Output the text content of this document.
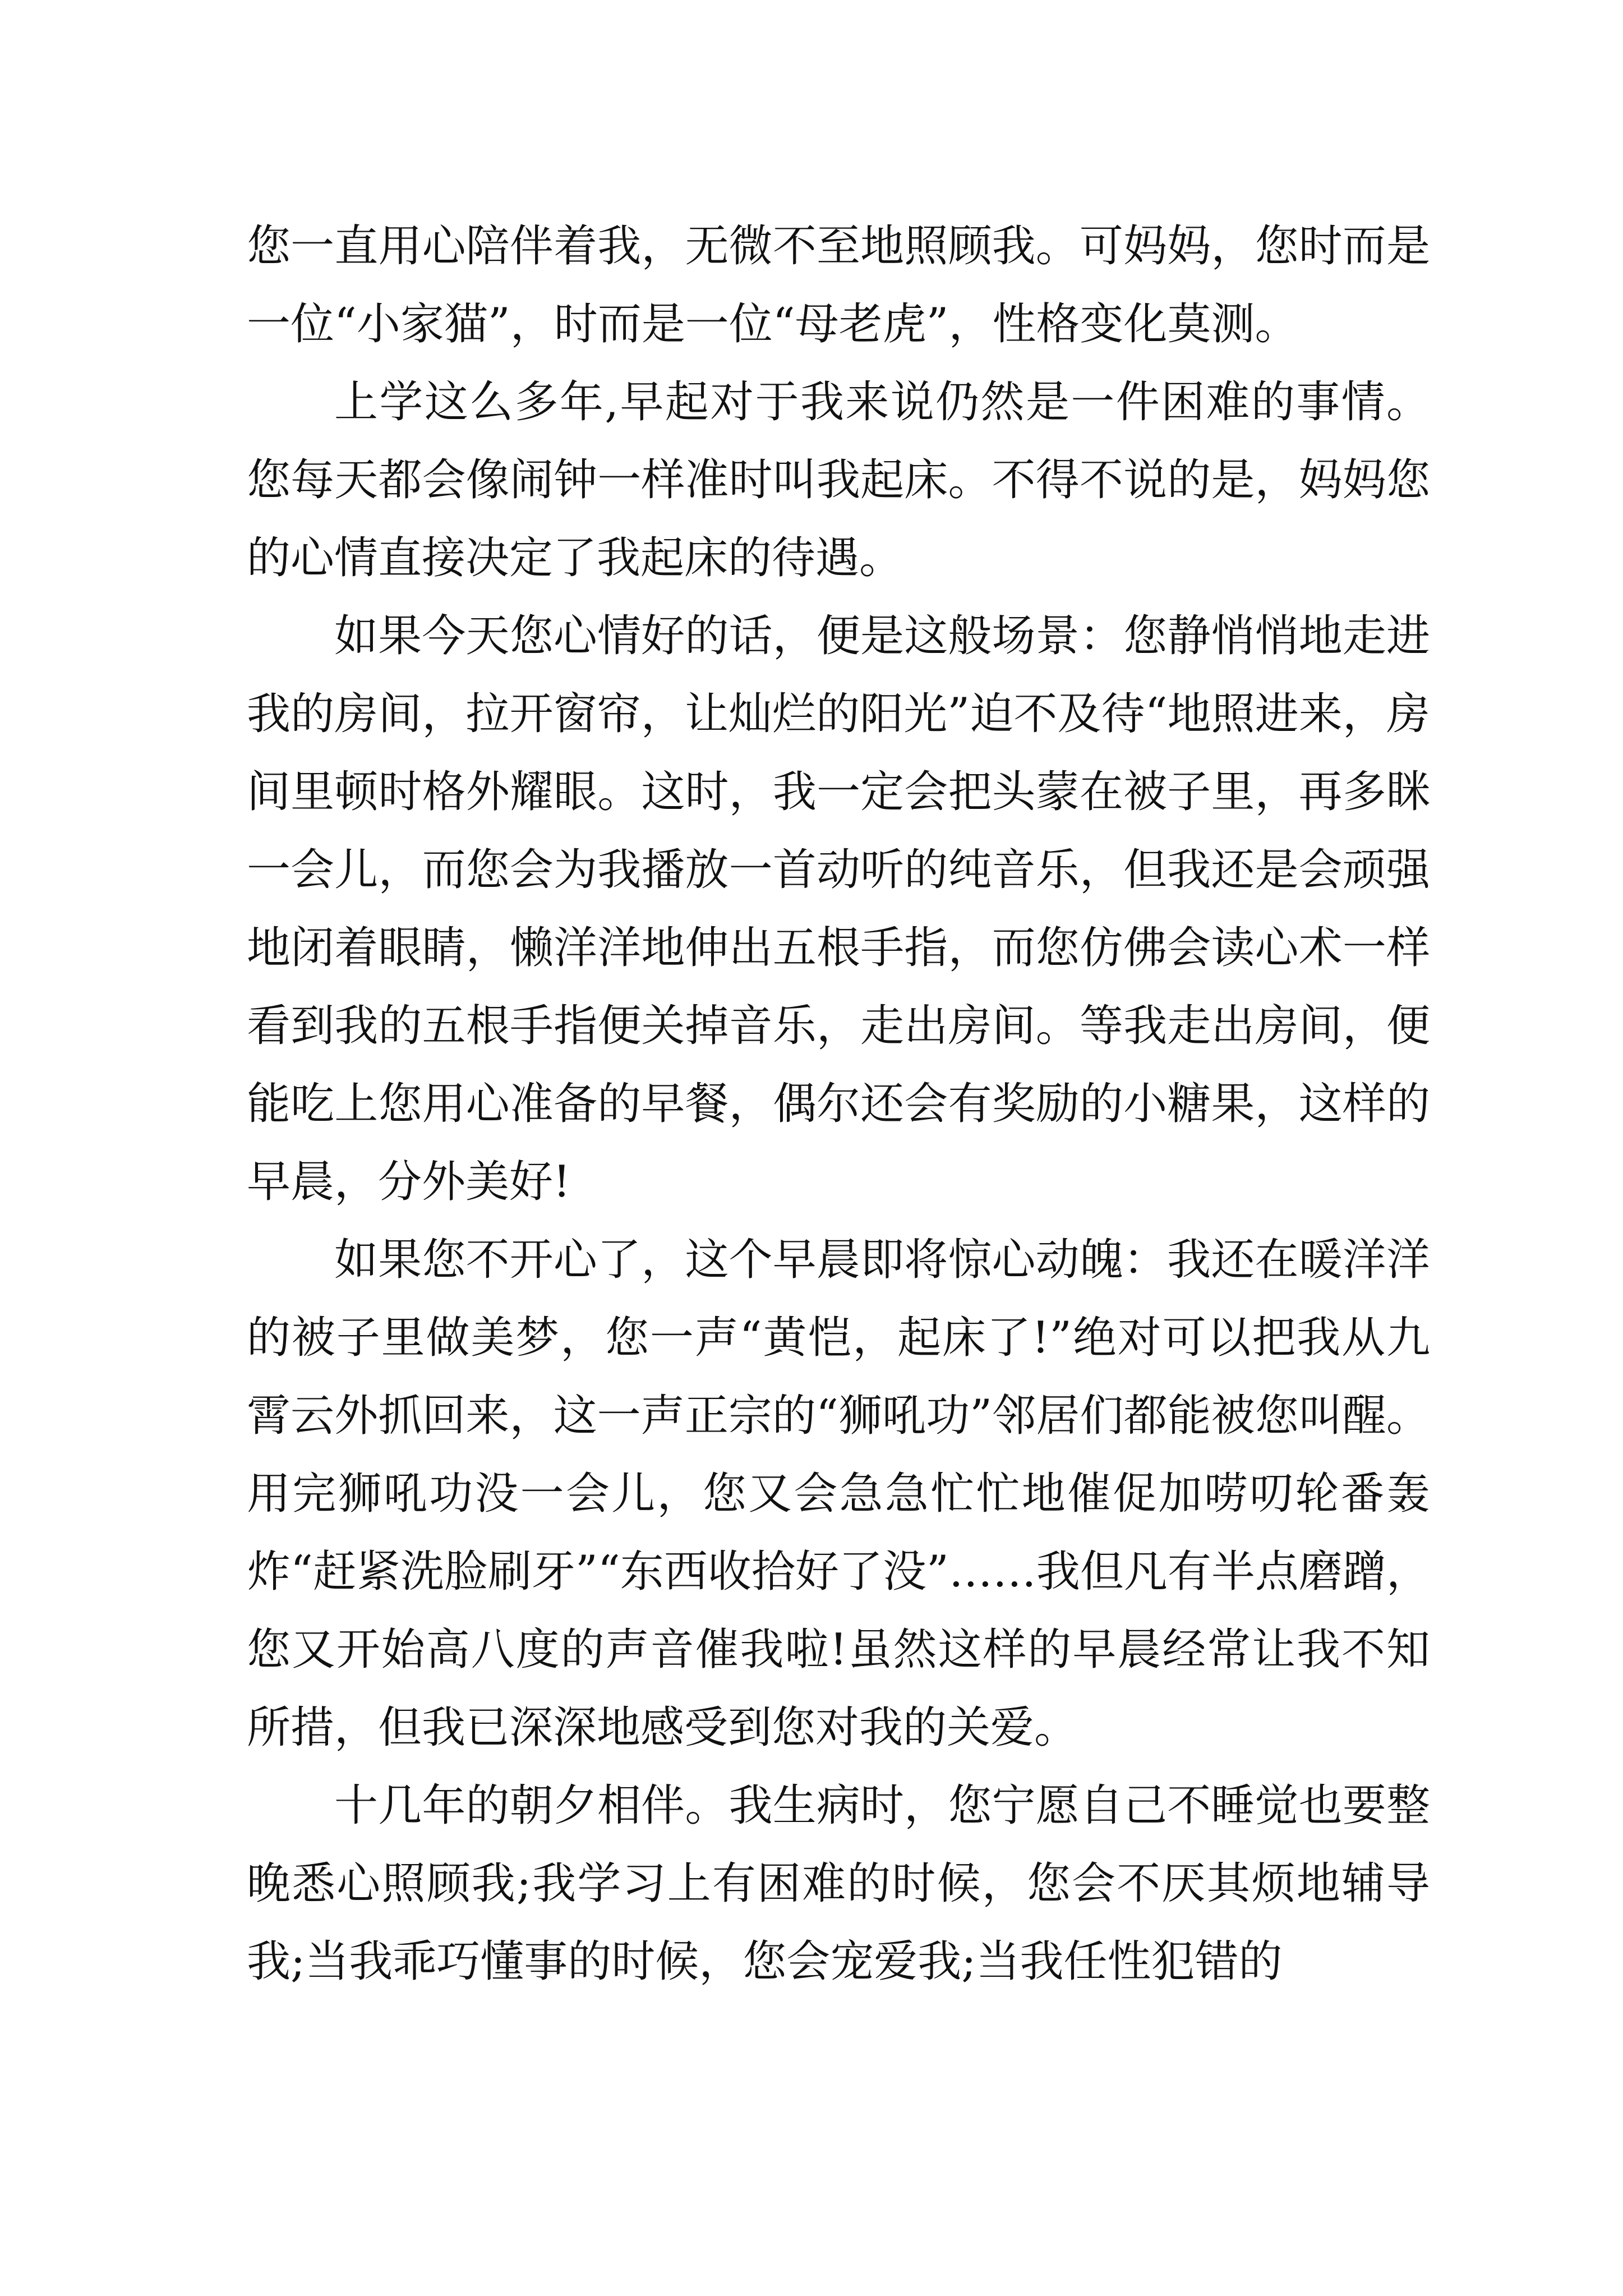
您一直用心陪伴着我，无微不至地照顾我。可妈妈，您时而是一位“小家猫”，时而是一位“母老虎”，性格变化莫测。

上学这么多年,早起对于我来说仍然是一件困难的事情。您每天都会像闹钟一样准时叫我起床。不得不说的是，妈妈您的心情直接决定了我起床的待遇。

如果今天您心情好的话，便是这般场景：您静悄悄地走进我的房间，拉开窗帘，让灿烂的阳光”迫不及待“地照进来，房间里顿时格外耀眼。这时，我一定会把头蒙在被子里，再多眯一会儿，而您会为我播放一首动听的纯音乐，但我还是会顽强地闭着眼睛，懒洋洋地伸出五根手指，而您仿佛会读心术一样看到我的五根手指便关掉音乐，走出房间。等我走出房间，便能吃上您用心准备的早餐，偶尔还会有奖励的小糖果，这样的早晨，分外美好!

如果您不开心了，这个早晨即将惊心动魄：我还在暖洋洋的被子里做美梦，您一声“黄恺，起床了!”绝对可以把我从九霄云外抓回来，这一声正宗的“狮吼功”邻居们都能被您叫醒。用完狮吼功没一会儿，您又会急急忙忙地催促加唠叨轮番轰炸“赶紧洗脸刷牙”“东西收拾好了没”……我但凡有半点磨蹭，您又开始高八度的声音催我啦!虽然这样的早晨经常让我不知所措，但我已深深地感受到您对我的关爱。

十几年的朝夕相伴。我生病时，您宁愿自己不睡觉也要整晚悉心照顾我;我学习上有困难的时候，您会不厌其烦地辅导我;当我乖巧懂事的时候，您会宠爱我;当我任性犯错的
